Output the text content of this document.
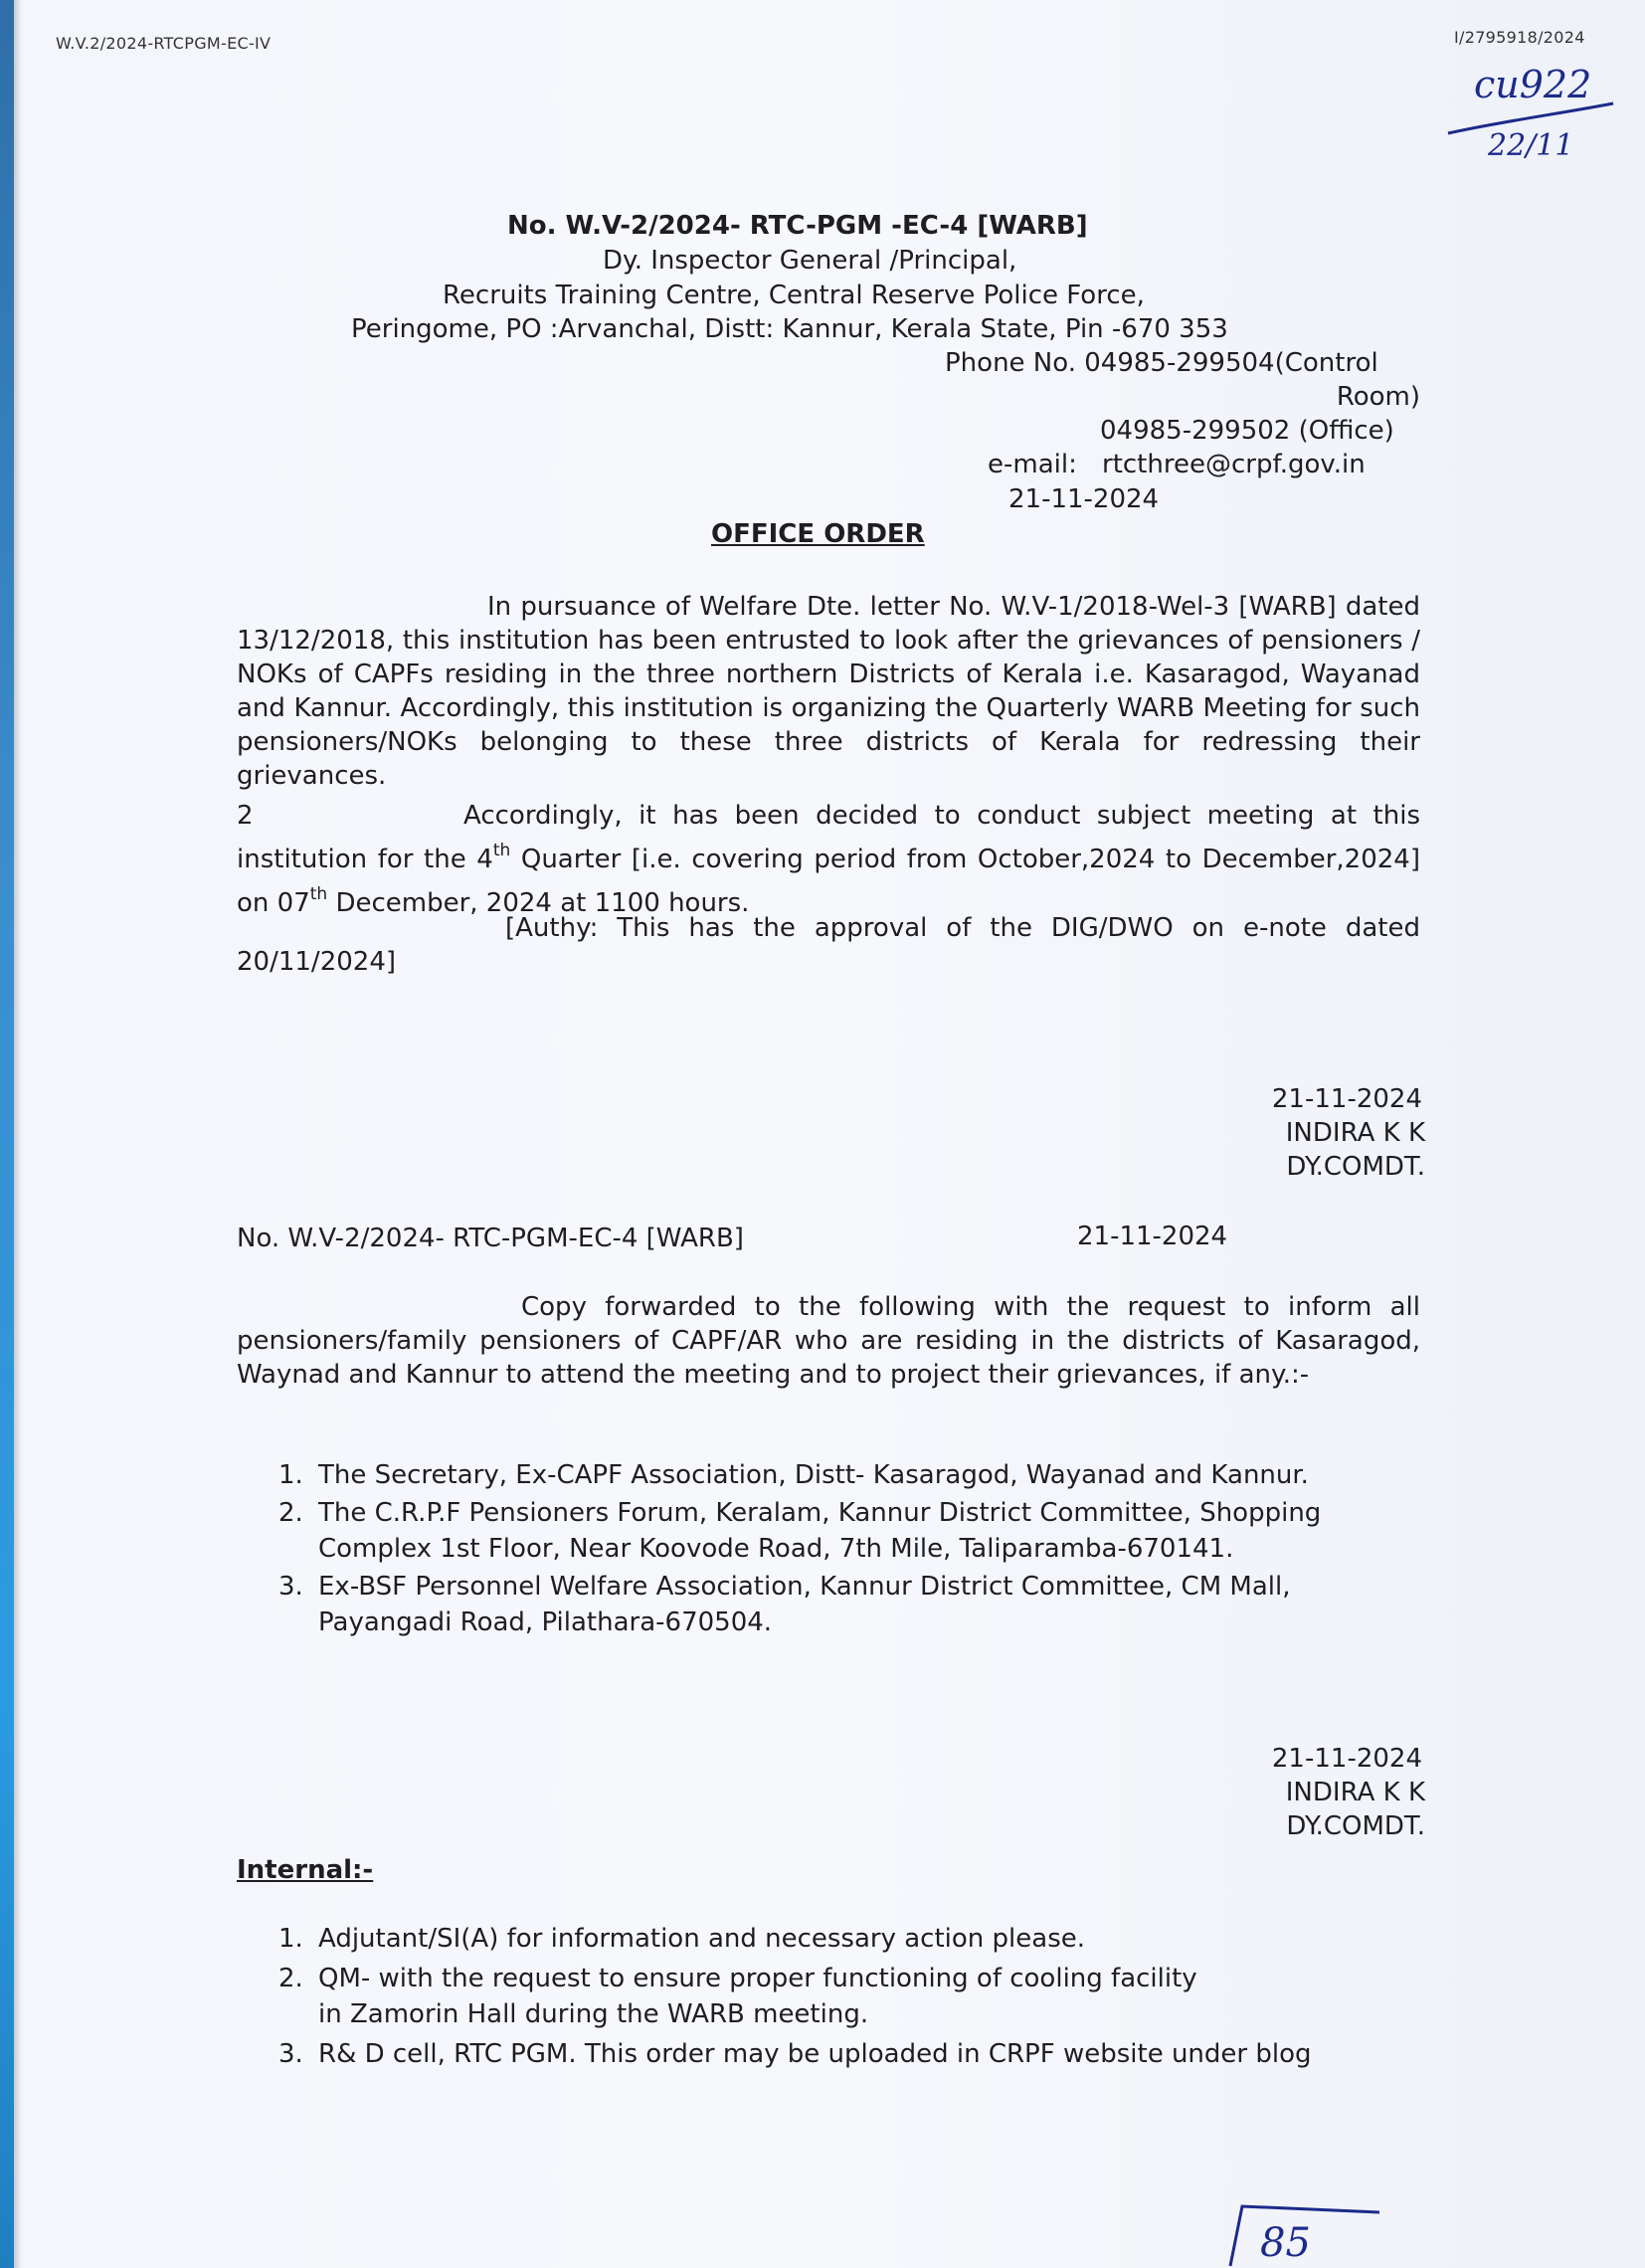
W.V.2/2024-RTCPGM-EC-IV	I/2795918/2024
cu922
22/11
No. W.V-2/2024- RTC-PGM -EC-4 [WARB]
Dy. Inspector General /Principal,
Recruits Training Centre, Central Reserve Police Force,
Peringome, PO :Arvanchal, Distt: Kannur, Kerala State, Pin -670 353
Phone No. 04985-299504(Control
Room)
04985-299502 (Office)
e-mail: rtcthree@crpf.gov.in
21-11-2024
OFFICE ORDER
In pursuance of Welfare Dte. letter No. W.V-1/2018-Wel-3 [WARB] dated 13/12/2018, this institution has been entrusted to look after the grievances of pensioners / NOKs of CAPFs residing in the three northern Districts of Kerala i.e. Kasaragod, Wayanad and Kannur. Accordingly, this institution is organizing the Quarterly WARB Meeting for such pensioners/NOKs belonging to these three districts of Kerala for redressing their grievances.
2	Accordingly, it has been decided to conduct subject meeting at this institution for the 4th Quarter [i.e. covering period from October,2024 to December,2024] on 07th December, 2024 at 1100 hours.
[Authy: This has the approval of the DIG/DWO on e-note dated 20/11/2024]
21-11-2024
INDIRA K K
DY.COMDT.
No. W.V-2/2024- RTC-PGM-EC-4 [WARB]	21-11-2024
Copy forwarded to the following with the request to inform all pensioners/family pensioners of CAPF/AR who are residing in the districts of Kasaragod, Waynad and Kannur to attend the meeting and to project their grievances, if any.:-
1. The Secretary, Ex-CAPF Association, Distt- Kasaragod, Wayanad and Kannur.
2. The C.R.P.F Pensioners Forum, Keralam, Kannur District Committee, Shopping Complex 1st Floor, Near Koovode Road, 7th Mile, Taliparamba-670141.
3. Ex-BSF Personnel Welfare Association, Kannur District Committee, CM Mall, Payangadi Road, Pilathara-670504.
21-11-2024
INDIRA K K
DY.COMDT.
Internal:-
1. Adjutant/SI(A) for information and necessary action please.
2. QM- with the request to ensure proper functioning of cooling facility in Zamorin Hall during the WARB meeting.
3. R& D cell, RTC PGM. This order may be uploaded in CRPF website under blog
85
